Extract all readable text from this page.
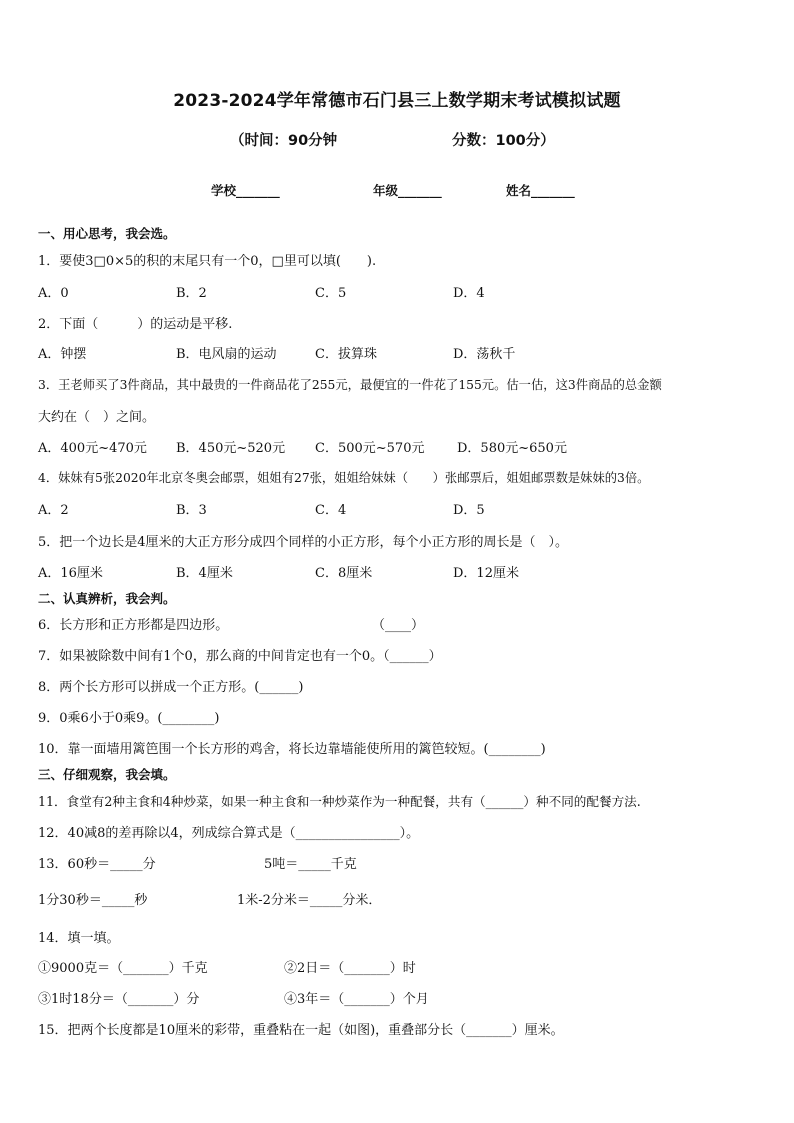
2023-2024学年常德市石门县三上数学期末考试模拟试题
（时间：90分钟	分数：100分）
学校_______	年级_______	姓名_______
一、用心思考，我会选。
1．要使3□0×5的积的末尾只有一个0，□里可以填(　　).
A．0	B．2	C．5	D．4
2．下面（　　　）的运动是平移.
A．钟摆	B．电风扇的运动	C．拔算珠	D．荡秋千
3．王老师买了3件商品，其中最贵的一件商品花了255元，最便宜的一件花了155元。估一估，这3件商品的总金额
大约在（　）之间。
A．400元~470元 B．450元~520元 C．500元~570元	D．580元~650元
4．妹妹有5张2020年北京冬奥会邮票，姐姐有27张，姐姐给妹妹（　　）张邮票后，姐姐邮票数是妹妹的3倍。
A．2	B．3	C．4	D．5
5．把一个边长是4厘米的大正方形分成四个同样的小正方形，每个小正方形的周长是（　）。
A．16厘米	B．4厘米	C．8厘米	D．12厘米
二、认真辨析，我会判。
6．长方形和正方形都是四边形。	（____）
7．如果被除数中间有1个0，那么商的中间肯定也有一个0。（______）
8．两个长方形可以拼成一个正方形。(______)
9．0乘6小于0乘9。(________)
10．靠一面墙用篱笆围一个长方形的鸡舍，将长边靠墙能使所用的篱笆较短。(________)
三、仔细观察，我会填。
11．食堂有2种主食和4种炒菜，如果一种主食和一种炒菜作为一种配餐，共有（______）种不同的配餐方法.
12．40减8的差再除以4，列成综合算式是（________________）。
13．60秒＝_____分	5吨＝_____千克
1分30秒＝_____秒	1米-2分米＝_____分米．
14．填一填。
①9000克＝（_______）千克	②2日＝（_______）时
③1时18分＝（_______）分	④3年＝（_______）个月
15．把两个长度都是10厘米的彩带，重叠粘在一起（如图)，重叠部分长（_______）厘米。
